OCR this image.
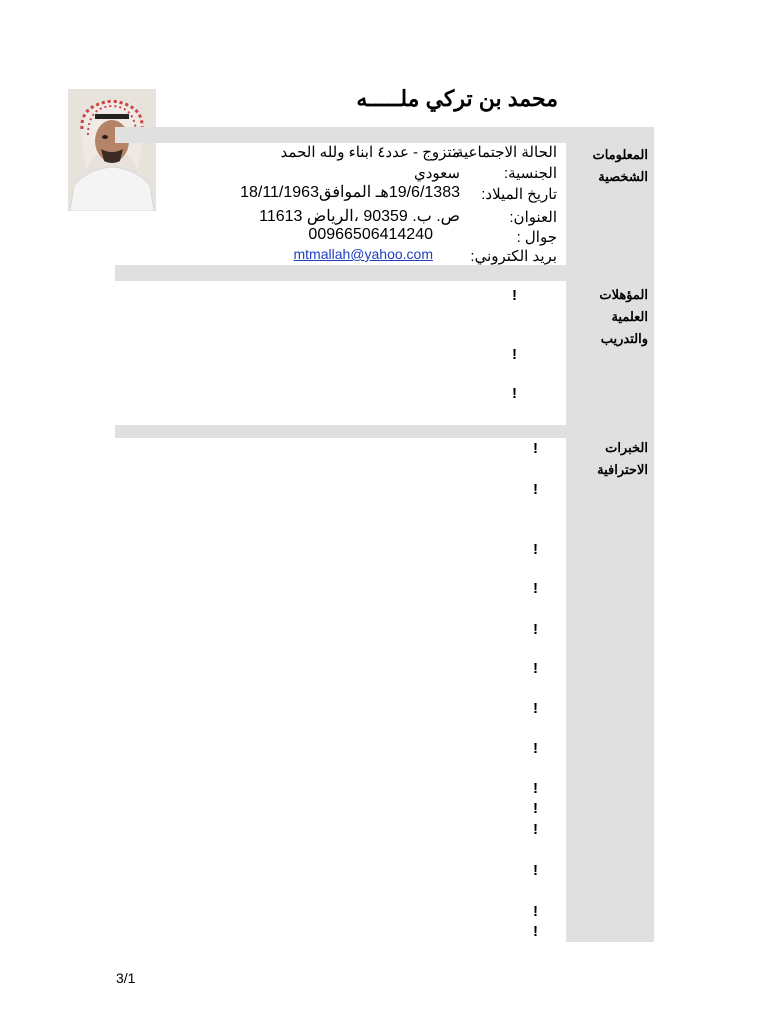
محمد بن تركي ملـــــه
المعلومات
الشخصية
المؤهلات
العلمية
والتدريب
الخبرات
الاحترافية
الحالة الاجتماعية:
الجنسية:
تاريخ الميلاد:
العنوان:
جوال :
بريد الكتروني:
متزوج - عدد٤ ابناء ولله الحمد
سعودي
19/6/1383هـ الموافق18/11/1963
ص. ب. 90359 ،الرياض 11613
00966506414240
mtmallah@yahoo.com
!
!
!
!
!
!
!
!
!
!
!
!
!
!
!
!
!
3/1
